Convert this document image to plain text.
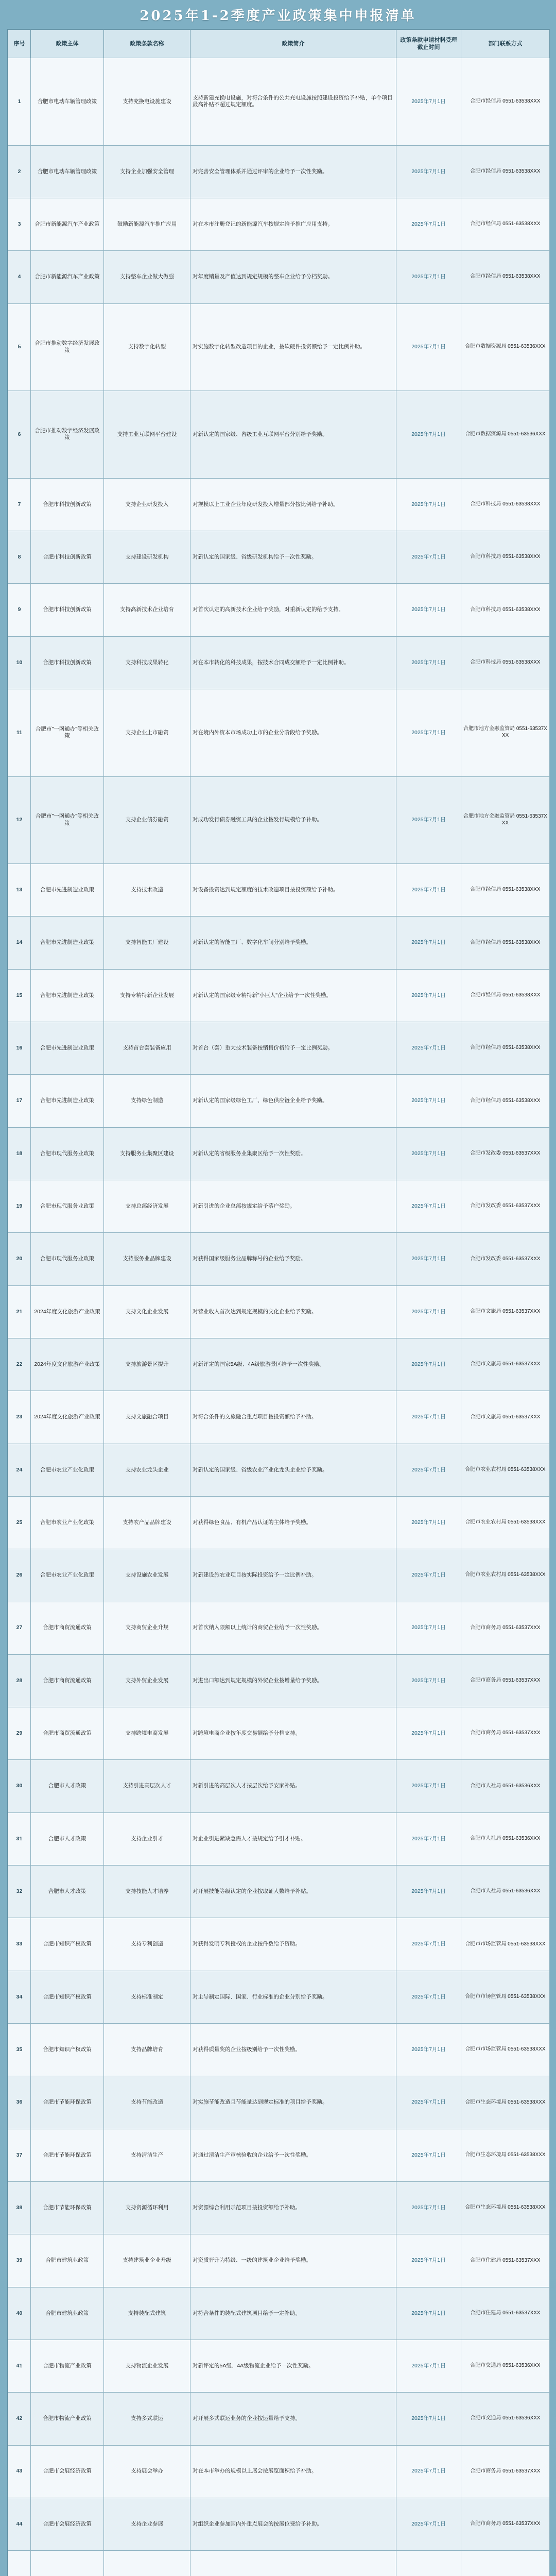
2025年1-2季度产业政策集中申报清单
序号	政策主体	政策条款名称	政策简介	政策条款申请材料受理截止时间	部门联系方式
1	合肥市电动车辆管理政策	支持充换电设施建设	支持新建充换电设施，对符合条件的公共充电设施按照建设投资给予补贴，单个项目最高补贴不超过规定额度。	2025年7月1日	合肥市经信局 0551-63538XXX
2	合肥市电动车辆管理政策	支持企业加强安全管理	对完善安全管理体系并通过评审的企业给予一次性奖励。	2025年7月1日	合肥市经信局 0551-63538XXX
3	合肥市新能源汽车产业政策	鼓励新能源汽车推广应用	对在本市注册登记的新能源汽车按规定给予推广应用支持。	2025年7月1日	合肥市经信局 0551-63538XXX
4	合肥市新能源汽车产业政策	支持整车企业做大做强	对年度销量及产值达到规定规模的整车企业给予分档奖励。	2025年7月1日	合肥市经信局 0551-63538XXX
5	合肥市推动数字经济发展政策	支持数字化转型	对实施数字化转型改造项目的企业，按软硬件投资额给予一定比例补助。	2025年7月1日	合肥市数据资源局 0551-63536XXX
6	合肥市推动数字经济发展政策	支持工业互联网平台建设	对新认定的国家级、省级工业互联网平台分别给予奖励。	2025年7月1日	合肥市数据资源局 0551-63536XXX
7	合肥市科技创新政策	支持企业研发投入	对规模以上工业企业年度研发投入增量部分按比例给予补助。	2025年7月1日	合肥市科技局 0551-63538XXX
8	合肥市科技创新政策	支持建设研发机构	对新认定的国家级、省级研发机构给予一次性奖励。	2025年7月1日	合肥市科技局 0551-63538XXX
9	合肥市科技创新政策	支持高新技术企业培育	对首次认定的高新技术企业给予奖励，对重新认定的给予支持。	2025年7月1日	合肥市科技局 0551-63538XXX
10	合肥市科技创新政策	支持科技成果转化	对在本市转化的科技成果，按技术合同成交额给予一定比例补助。	2025年7月1日	合肥市科技局 0551-63538XXX
11	合肥市"一网通办"等相关政策	支持企业上市融资	对在境内外资本市场成功上市的企业分阶段给予奖励。	2025年7月1日	合肥市地方金融监管局 0551-63537XXX
12	合肥市"一网通办"等相关政策	支持企业债券融资	对成功发行债券融资工具的企业按发行规模给予补助。	2025年7月1日	合肥市地方金融监管局 0551-63537XXX
13	合肥市先进制造业政策	支持技术改造	对设备投资达到规定额度的技术改造项目按投资额给予补助。	2025年7月1日	合肥市经信局 0551-63538XXX
14	合肥市先进制造业政策	支持智能工厂建设	对新认定的智能工厂、数字化车间分别给予奖励。	2025年7月1日	合肥市经信局 0551-63538XXX
15	合肥市先进制造业政策	支持专精特新企业发展	对新认定的国家级专精特新"小巨人"企业给予一次性奖励。	2025年7月1日	合肥市经信局 0551-63538XXX
16	合肥市先进制造业政策	支持首台套装备应用	对首台（套）重大技术装备按销售价格给予一定比例奖励。	2025年7月1日	合肥市经信局 0551-63538XXX
17	合肥市先进制造业政策	支持绿色制造	对新认定的国家级绿色工厂、绿色供应链企业给予奖励。	2025年7月1日	合肥市经信局 0551-63538XXX
18	合肥市现代服务业政策	支持服务业集聚区建设	对新认定的省级服务业集聚区给予一次性奖励。	2025年7月1日	合肥市发改委 0551-63537XXX
19	合肥市现代服务业政策	支持总部经济发展	对新引进的企业总部按规定给予落户奖励。	2025年7月1日	合肥市发改委 0551-63537XXX
20	合肥市现代服务业政策	支持服务业品牌建设	对获得国家级服务业品牌称号的企业给予奖励。	2025年7月1日	合肥市发改委 0551-63537XXX
21	2024年度文化旅游产业政策	支持文化企业发展	对营业收入首次达到规定规模的文化企业给予奖励。	2025年7月1日	合肥市文旅局 0551-63537XXX
22	2024年度文化旅游产业政策	支持旅游景区提升	对新评定的国家5A级、4A级旅游景区给予一次性奖励。	2025年7月1日	合肥市文旅局 0551-63537XXX
23	2024年度文化旅游产业政策	支持文旅融合项目	对符合条件的文旅融合重点项目按投资额给予补助。	2025年7月1日	合肥市文旅局 0551-63537XXX
24	合肥市农业产业化政策	支持农业龙头企业	对新认定的国家级、省级农业产业化龙头企业给予奖励。	2025年7月1日	合肥市农业农村局 0551-63538XXX
25	合肥市农业产业化政策	支持农产品品牌建设	对获得绿色食品、有机产品认证的主体给予奖励。	2025年7月1日	合肥市农业农村局 0551-63538XXX
26	合肥市农业产业化政策	支持设施农业发展	对新建设施农业项目按实际投资给予一定比例补助。	2025年7月1日	合肥市农业农村局 0551-63538XXX
27	合肥市商贸流通政策	支持商贸企业升规	对首次纳入限额以上统计的商贸企业给予一次性奖励。	2025年7月1日	合肥市商务局 0551-63537XXX
28	合肥市商贸流通政策	支持外贸企业发展	对进出口额达到规定规模的外贸企业按增量给予奖励。	2025年7月1日	合肥市商务局 0551-63537XXX
29	合肥市商贸流通政策	支持跨境电商发展	对跨境电商企业按年度交易额给予分档支持。	2025年7月1日	合肥市商务局 0551-63537XXX
30	合肥市人才政策	支持引进高层次人才	对新引进的高层次人才按层次给予安家补贴。	2025年7月1日	合肥市人社局 0551-63536XXX
31	合肥市人才政策	支持企业引才	对企业引进紧缺急需人才按规定给予引才补贴。	2025年7月1日	合肥市人社局 0551-63536XXX
32	合肥市人才政策	支持技能人才培养	对开展技能等级认定的企业按取证人数给予补贴。	2025年7月1日	合肥市人社局 0551-63536XXX
33	合肥市知识产权政策	支持专利创造	对获得发明专利授权的企业按件数给予资助。	2025年7月1日	合肥市市场监管局 0551-63538XXX
34	合肥市知识产权政策	支持标准制定	对主导制定国际、国家、行业标准的企业分别给予奖励。	2025年7月1日	合肥市市场监管局 0551-63538XXX
35	合肥市知识产权政策	支持品牌培育	对获得质量奖的企业按级别给予一次性奖励。	2025年7月1日	合肥市市场监管局 0551-63538XXX
36	合肥市节能环保政策	支持节能改造	对实施节能改造且节能量达到规定标准的项目给予奖励。	2025年7月1日	合肥市生态环境局 0551-63538XXX
37	合肥市节能环保政策	支持清洁生产	对通过清洁生产审核验收的企业给予一次性奖励。	2025年7月1日	合肥市生态环境局 0551-63538XXX
38	合肥市节能环保政策	支持资源循环利用	对资源综合利用示范项目按投资额给予补助。	2025年7月1日	合肥市生态环境局 0551-63538XXX
39	合肥市建筑业政策	支持建筑业企业升级	对资质晋升为特级、一级的建筑业企业给予奖励。	2025年7月1日	合肥市住建局 0551-63537XXX
40	合肥市建筑业政策	支持装配式建筑	对符合条件的装配式建筑项目给予一定补助。	2025年7月1日	合肥市住建局 0551-63537XXX
41	合肥市物流产业政策	支持物流企业发展	对新评定的5A级、4A级物流企业给予一次性奖励。	2025年7月1日	合肥市交通局 0551-63536XXX
42	合肥市物流产业政策	支持多式联运	对开展多式联运业务的企业按运量给予支持。	2025年7月1日	合肥市交通局 0551-63536XXX
43	合肥市会展经济政策	支持展会举办	对在本市举办的规模以上展会按展览面积给予补助。	2025年7月1日	合肥市商务局 0551-63537XXX
44	合肥市会展经济政策	支持企业参展	对组织企业参加国内外重点展会的按展位费给予补助。	2025年7月1日	合肥市商务局 0551-63537XXX
